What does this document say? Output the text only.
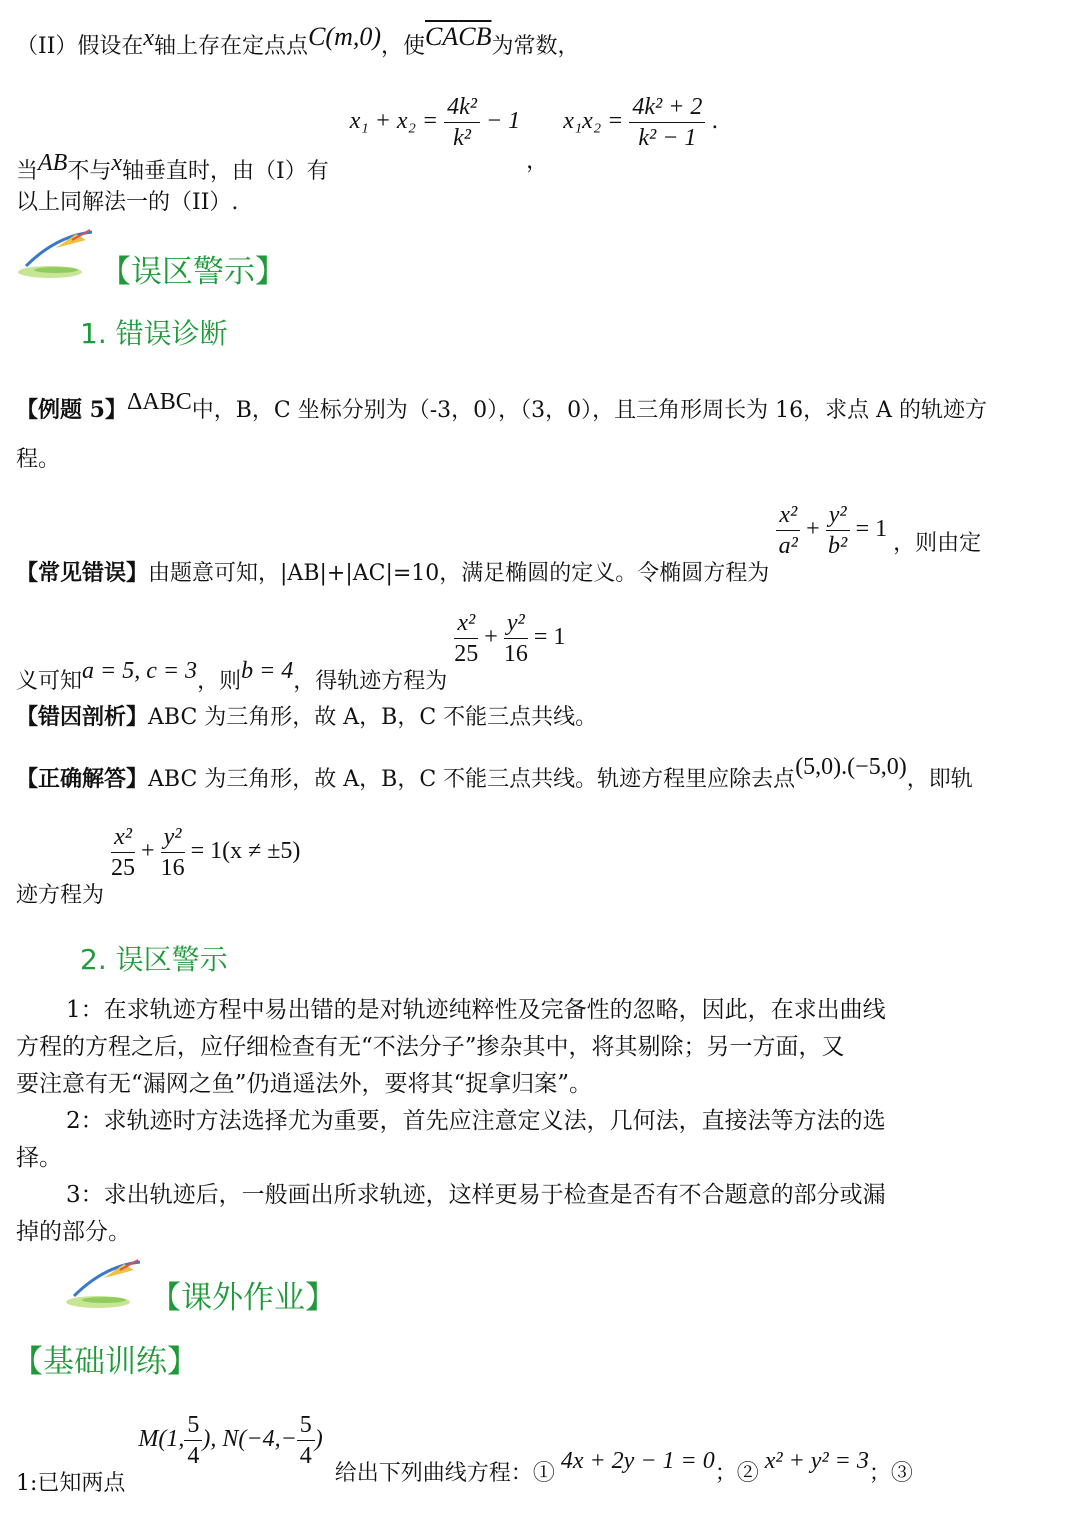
（II）假设在x轴上存在定点点C(m,0)，使$\overline{CA}\overline{CB}$为常数，
当AB不与x轴垂直时，由（I）有 $x_1 + x_2 = \frac{\text{4k²}}{\text{k²}} - 1$ ， $x_1x_2 = \frac{\text{4k² + 2}}{\text{k² − 1}}$ .
以上同解法一的（II）.
【误区警示】
1. 错误诊断
【例题 5】ΔABC中，B，C 坐标分别为（-3，0），（3，0），且三角形周长为 16，求点 A 的轨迹方
程。
【常见错误】由题意可知，|AB|+|AC|=10，满足椭圆的定义。令椭圆方程为
$\frac{\text{x²}}{\text{a²}} + \frac{\text{y²}}{\text{b²}} = 1$ ，则由定
义可知a = 5, c = 3，则b = 4，得轨迹方程为
$\frac{\text{x²}}{25} + \frac{\text{y²}}{16} = 1$
【错因剖析】ABC 为三角形，故 A，B，C 不能三点共线。
【正确解答】ABC 为三角形，故 A，B，C 不能三点共线。轨迹方程里应除去点(5,0).(−5,0)，即轨
迹方程为
$\frac{\text{x²}}{25} + \frac{\text{y²}}{16} = 1(x \ne \pm 5)$
2. 误区警示
1：在求轨迹方程中易出错的是对轨迹纯粹性及完备性的忽略，因此，在求出曲线
方程的方程之后，应仔细检查有无“不法分子”掺杂其中，将其剔除；另一方面，又
要注意有无“漏网之鱼”仍逍遥法外，要将其“捉拿归案”。
2：求轨迹时方法选择尤为重要，首先应注意定义法，几何法，直接法等方法的选
择。
3：求出轨迹后，一般画出所求轨迹，这样更易于检查是否有不合题意的部分或漏
掉的部分。
【课外作业】
【基础训练】
1:已知两点 M(1, $\frac{5}{4}$ ), $N(-4,- \frac{5}{4}$ ) 给出下列曲线方程：① 4x + 2y − 1 = 0；② x² + y² = 3；③
